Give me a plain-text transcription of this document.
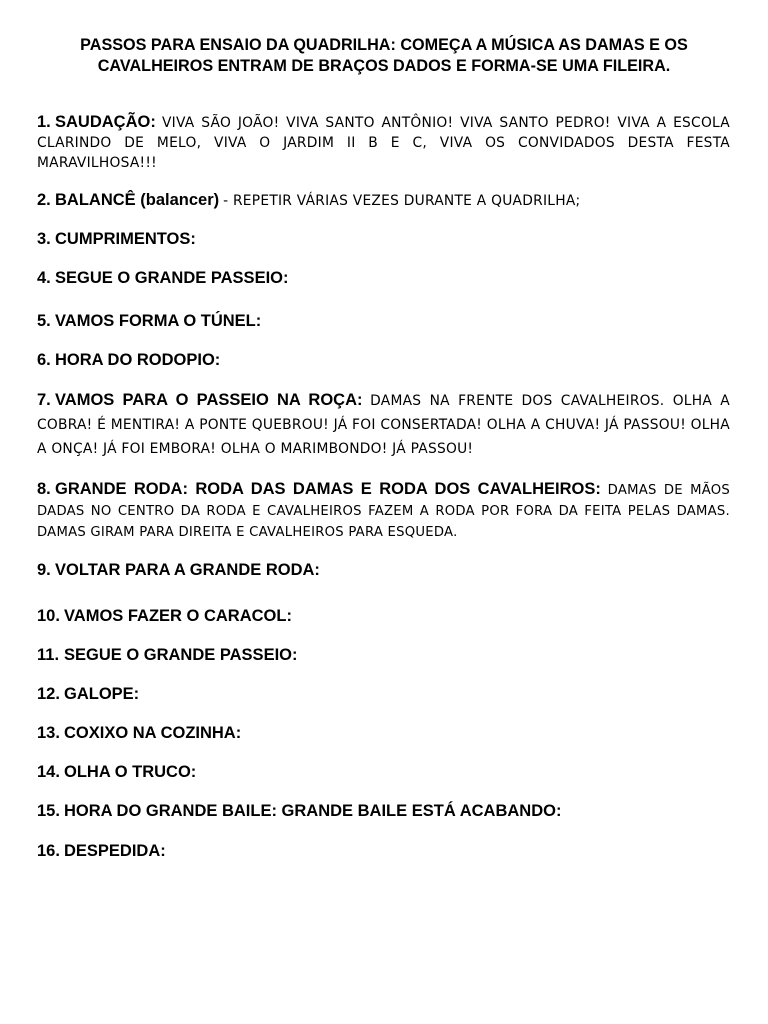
PASSOS PARA ENSAIO DA QUADRILHA: COMEÇA A MÚSICA AS DAMAS E OS CAVALHEIROS ENTRAM DE BRAÇOS DADOS E FORMA-SE UMA FILEIRA.
1. SAUDAÇÃO: VIVA SÃO JOÃO! VIVA SANTO ANTÔNIO! VIVA SANTO PEDRO! VIVA A ESCOLA CLARINDO DE MELO, VIVA O JARDIM II B E C, VIVA OS CONVIDADOS DESTA FESTA MARAVILHOSA!!!
2. BALANCÊ (balancer) - REPETIR VÁRIAS VEZES DURANTE A QUADRILHA;
3. CUMPRIMENTOS:
4. SEGUE O GRANDE PASSEIO:
5. VAMOS FORMA O TÚNEL:
6. HORA DO RODOPIO:
7. VAMOS PARA O PASSEIO NA ROÇA: DAMAS NA FRENTE DOS CAVALHEIROS. OLHA A COBRA! É MENTIRA! A PONTE QUEBROU! JÁ FOI CONSERTADA! OLHA A CHUVA! JÁ PASSOU! OLHA A ONÇA! JÁ FOI EMBORA! OLHA O MARIMBONDO! JÁ PASSOU!
8. GRANDE RODA: RODA DAS DAMAS E RODA DOS CAVALHEIROS: DAMAS DE MÃOS DADAS NO CENTRO DA RODA E CAVALHEIROS FAZEM A RODA POR FORA DA FEITA PELAS DAMAS. DAMAS GIRAM PARA DIREITA E CAVALHEIROS PARA ESQUEDA.
9. VOLTAR PARA A GRANDE RODA:
10. VAMOS FAZER O CARACOL:
11. SEGUE O GRANDE PASSEIO:
12. GALOPE:
13. COXIXO NA COZINHA:
14. OLHA O TRUCO:
15. HORA DO GRANDE BAILE: GRANDE BAILE ESTÁ ACABANDO:
16. DESPEDIDA:
